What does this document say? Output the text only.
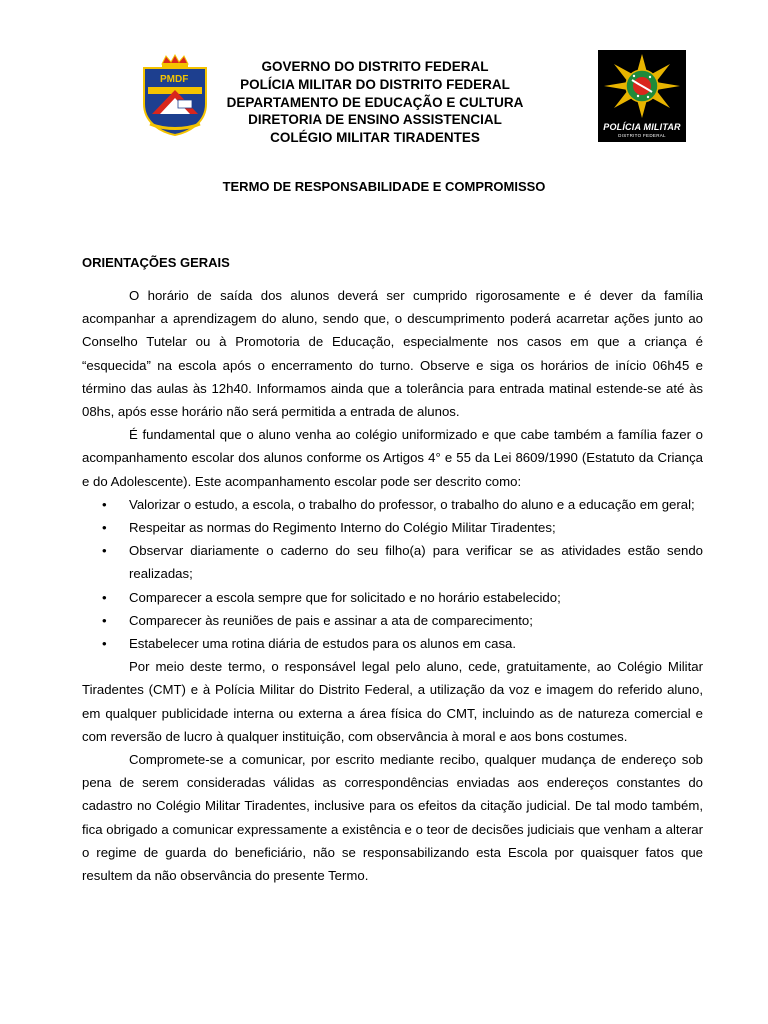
PMDF
CMT
GOVERNO DO DISTRITO FEDERAL
POLÍCIA MILITAR DO DISTRITO FEDERAL
DEPARTAMENTO DE EDUCAÇÃO E CULTURA
DIRETORIA DE ENSINO ASSISTENCIAL
COLÉGIO MILITAR TIRADENTES
POLÍCIA MILITAR
DISTRITO FEDERAL
TERMO DE RESPONSABILIDADE E COMPROMISSO
ORIENTAÇÕES GERAIS

O horário de saída dos alunos deverá ser cumprido rigorosamente e é dever da família acompanhar a aprendizagem do aluno, sendo que, o descumprimento poderá acarretar ações junto ao Conselho Tutelar ou à Promotoria de Educação, especialmente nos casos em que a criança é “esquecida” na escola após o encerramento do turno. Observe e siga os horários de início 06h45 e término das aulas às 12h40. Informamos ainda que a tolerância para entrada matinal estende-se até às 08hs, após esse horário não será permitida a entrada de alunos.

É fundamental que o aluno venha ao colégio uniformizado e que cabe também a família fazer o acompanhamento escolar dos alunos conforme os Artigos 4° e 55 da Lei 8609/1990 (Estatuto da Criança e do Adolescente). Este acompanhamento escolar pode ser descrito como:

• Valorizar o estudo, a escola, o trabalho do professor, o trabalho do aluno e a educação em geral;
• Respeitar as normas do Regimento Interno do Colégio Militar Tiradentes;
• Observar diariamente o caderno do seu filho(a) para verificar se as atividades estão sendo realizadas;
• Comparecer a escola sempre que for solicitado e no horário estabelecido;
• Comparecer às reuniões de pais e assinar a ata de comparecimento;
• Estabelecer uma rotina diária de estudos para os alunos em casa.

Por meio deste termo, o responsável legal pelo aluno, cede, gratuitamente, ao Colégio Militar Tiradentes (CMT) e à Polícia Militar do Distrito Federal, a utilização da voz e imagem do referido aluno, em qualquer publicidade interna ou externa a área física do CMT, incluindo as de natureza comercial e com reversão de lucro à qualquer instituição, com observância à moral e aos bons costumes.

Compromete-se a comunicar, por escrito mediante recibo, qualquer mudança de endereço sob pena de serem consideradas válidas as correspondências enviadas aos endereços constantes do cadastro no Colégio Militar Tiradentes, inclusive para os efeitos da citação judicial. De tal modo também, fica obrigado a comunicar expressamente a existência e o teor de decisões judiciais que venham a alterar o regime de guarda do beneficiário, não se responsabilizando esta Escola por quaisquer fatos que resultem da não observância do presente Termo.
